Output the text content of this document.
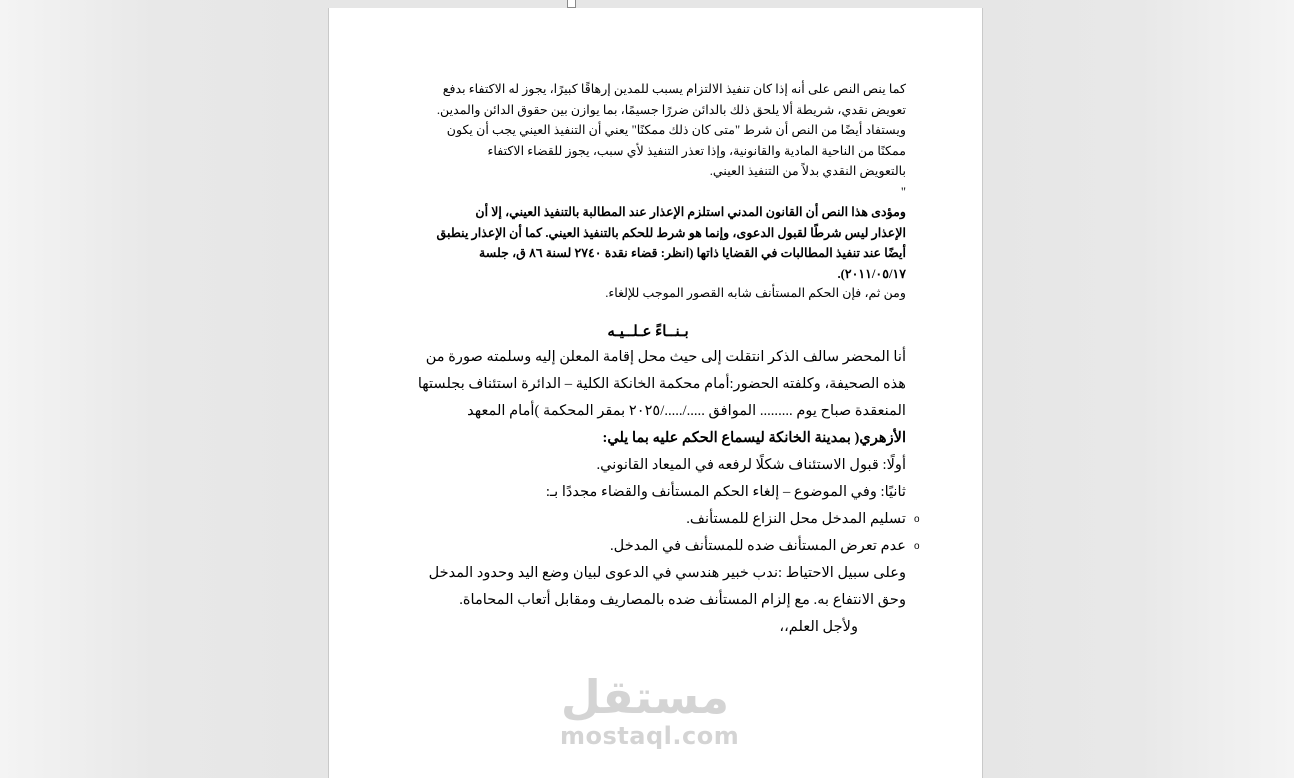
كما ينص النص على أنه إذا كان تنفيذ الالتزام يسبب للمدين إرهاقًا كبيرًا، يجوز له الاكتفاء بدفع
تعويض نقدي، شريطة ألا يلحق ذلك بالدائن ضررًا جسيمًا، بما يوازن بين حقوق الدائن والمدين.
ويستفاد أيضًا من النص أن شرط "متى كان ذلك ممكنًا" يعني أن التنفيذ العيني يجب أن يكون
ممكنًا من الناحية المادية والقانونية، وإذا تعذر التنفيذ لأي سبب، يجوز للقضاء الاكتفاء
بالتعويض النقدي بدلاً من التنفيذ العيني.
"
ومؤدى هذا النص أن القانون المدني استلزم الإعذار عند المطالبة بالتنفيذ العيني، إلا أن
الإعذار ليس شرطًا لقبول الدعوى، وإنما هو شرط للحكم بالتنفيذ العيني. كما أن الإعذار ينطبق
أيضًا عند تنفيذ المطالبات في القضايا ذاتها (انظر: قضاء نقدة ٢٧٤٠ لسنة ٨٦ ق، جلسة
٢٠١١/٠٥/١٧).
ومن ثم، فإن الحكم المستأنف شابه القصور الموجب للإلغاء.
بـنــاءً عـلــيـه
أنا المحضر سالف الذكر انتقلت إلى حيث محل إقامة المعلن إليه وسلمته صورة من
هذه الصحيفة، وكلفته الحضور:أمام محكمة الخانكة الكلية – الدائرة استئناف بجلستها
المنعقدة صباح يوم ......... الموافق ...../...../٢٠٢٥ بمقر المحكمة )أمام المعهد
الأزهري( بمدينة الخانكة ليسماع الحكم عليه بما يلي:
أولًا: قبول الاستئناف شكلًا لرفعه في الميعاد القانوني.
ثانيًا: وفي الموضوع – إلغاء الحكم المستأنف والقضاء مجددًا بـ:
تسليم المدخل محل النزاع للمستأنف.
عدم تعرض المستأنف ضده للمستأنف في المدخل.
وعلى سبيل الاحتياط :ندب خبير هندسي في الدعوى لبيان وضع اليد وحدود المدخل
وحق الانتفاع به. مع إلزام المستأنف ضده بالمصاريف ومقابل أتعاب المحاماة.
ولأجل العلم،،
o
o
مستقل
mostaql.com
